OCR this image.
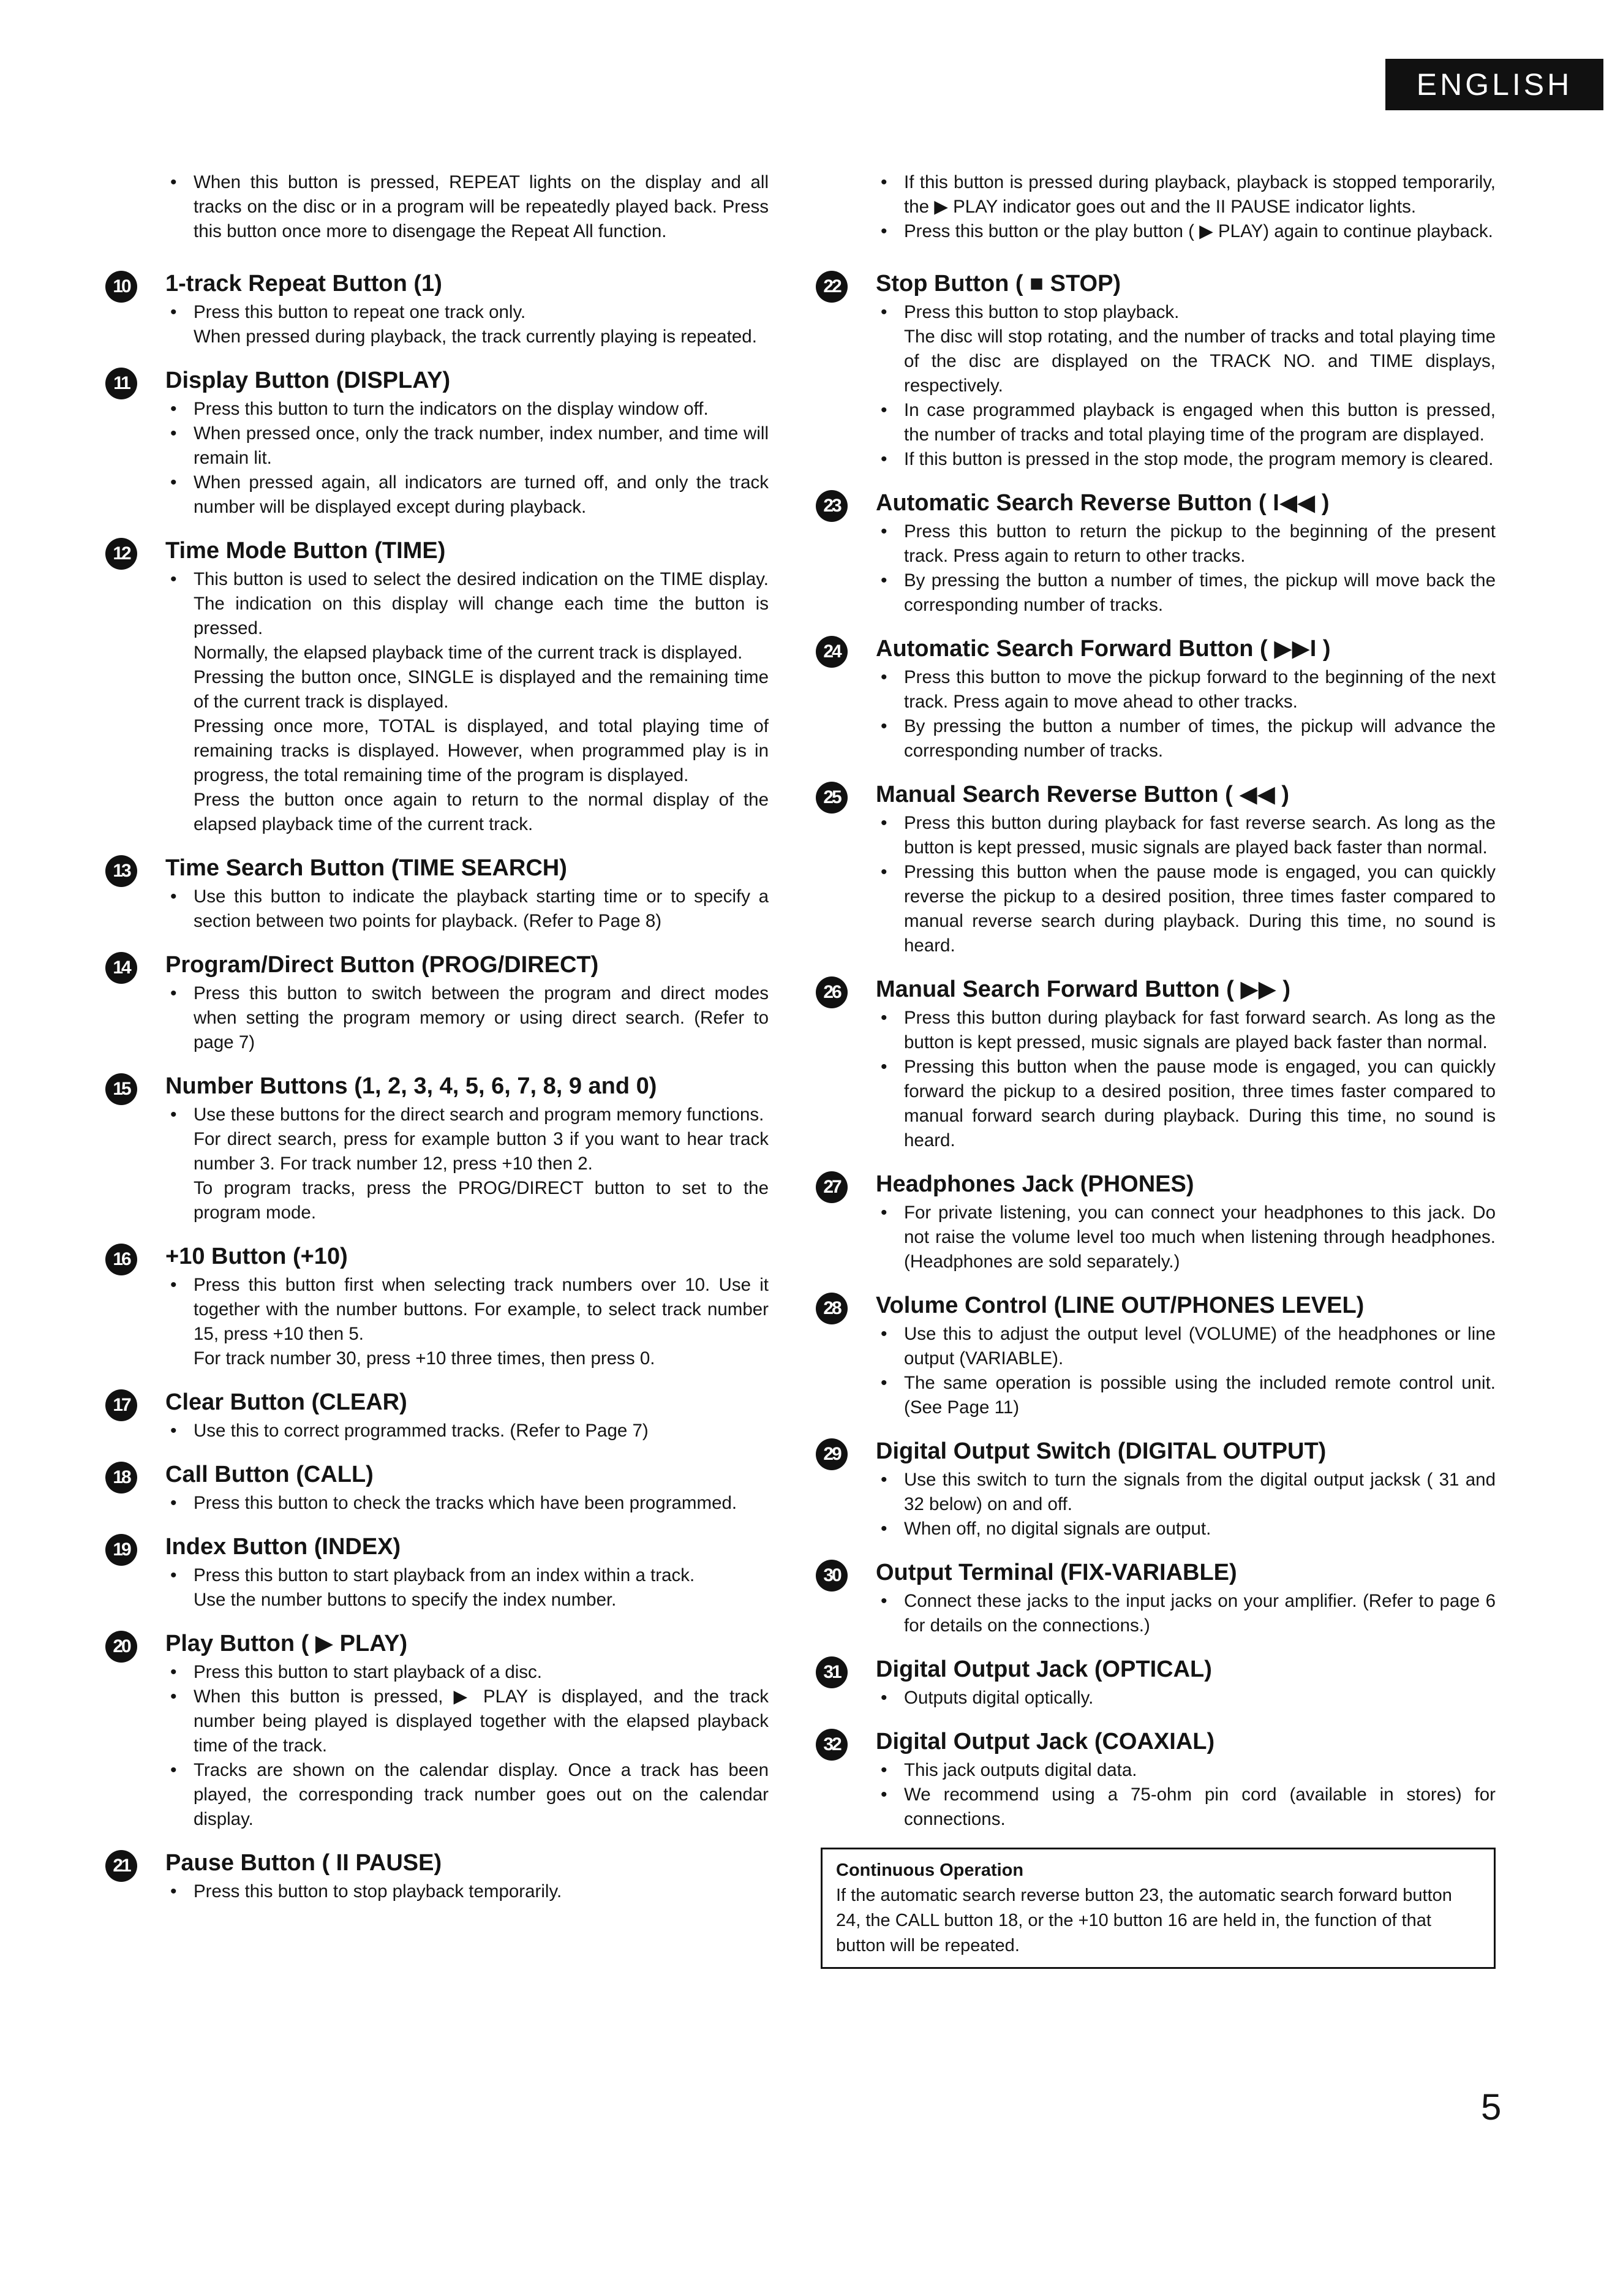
ENGLISH
• When this button is pressed, REPEAT lights on the display and all tracks on the disc or in a program will be repeatedly played back. Press this button once more to disengage the Repeat All function.
10	1-track Repeat Button (1)
• Press this button to repeat one track only.
When pressed during playback, the track currently playing is repeated.
11	Display Button (DISPLAY)
• Press this button to turn the indicators on the display window off.
• When pressed once, only the track number, index number, and time will remain lit.
• When pressed again, all indicators are turned off, and only the track number will be displayed except during playback.
12	Time Mode Button (TIME)
• This button is used to select the desired indication on the TIME display. The indication on this display will change each time the button is pressed.
Normally, the elapsed playback time of the current track is displayed.
Pressing the button once, SINGLE is displayed and the remaining time of the current track is displayed.
Pressing once more, TOTAL is displayed, and total playing time of remaining tracks is displayed. However, when programmed play is in progress, the total remaining time of the program is displayed.
Press the button once again to return to the normal display of the elapsed playback time of the current track.
13	Time Search Button (TIME SEARCH)
• Use this button to indicate the playback starting time or to specify a section between two points for playback. (Refer to Page 8)
14	Program/Direct Button (PROG/DIRECT)
• Press this button to switch between the program and direct modes when setting the program memory or using direct search. (Refer to page 7)
15	Number Buttons (1, 2, 3, 4, 5, 6, 7, 8, 9 and 0)
• Use these buttons for the direct search and program memory functions.
For direct search, press for example button 3 if you want to hear track number 3. For track number 12, press +10 then 2.
To program tracks, press the PROG/DIRECT button to set to the program mode.
16	+10 Button (+10)
• Press this button first when selecting track numbers over 10. Use it together with the number buttons. For example, to select track number 15, press +10 then 5.
For track number 30, press +10 three times, then press 0.
17	Clear Button (CLEAR)
• Use this to correct programmed tracks. (Refer to Page 7)
18	Call Button (CALL)
• Press this button to check the tracks which have been programmed.
19	Index Button (INDEX)
• Press this button to start playback from an index within a track.
Use the number buttons to specify the index number.
20	Play Button ( ▶ PLAY)
• Press this button to start playback of a disc.
• When this button is pressed, ▶ PLAY is displayed, and the track number being played is displayed together with the elapsed playback time of the track.
• Tracks are shown on the calendar display. Once a track has been played, the corresponding track number goes out on the calendar display.
21	Pause Button ( II PAUSE)
• Press this button to stop playback temporarily.
• If this button is pressed during playback, playback is stopped temporarily, the ▶ PLAY indicator goes out and the II PAUSE indicator lights.
• Press this button or the play button ( ▶ PLAY) again to continue playback.
22	Stop Button ( ■ STOP)
• Press this button to stop playback.
The disc will stop rotating, and the number of tracks and total playing time of the disc are displayed on the TRACK NO. and TIME displays, respectively.
• In case programmed playback is engaged when this button is pressed, the number of tracks and total playing time of the program are displayed.
• If this button is pressed in the stop mode, the program memory is cleared.
23	Automatic Search Reverse Button ( I◀◀ )
• Press this button to return the pickup to the beginning of the present track. Press again to return to other tracks.
• By pressing the button a number of times, the pickup will move back the corresponding number of tracks.
24	Automatic Search Forward Button ( ▶▶I )
• Press this button to move the pickup forward to the beginning of the next track. Press again to move ahead to other tracks.
• By pressing the button a number of times, the pickup will advance the corresponding number of tracks.
25	Manual Search Reverse Button ( ◀◀ )
• Press this button during playback for fast reverse search. As long as the button is kept pressed, music signals are played back faster than normal.
• Pressing this button when the pause mode is engaged, you can quickly reverse the pickup to a desired position, three times faster compared to manual reverse search during playback. During this time, no sound is heard.
26	Manual Search Forward Button ( ▶▶ )
• Press this button during playback for fast forward search. As long as the button is kept pressed, music signals are played back faster than normal.
• Pressing this button when the pause mode is engaged, you can quickly forward the pickup to a desired position, three times faster compared to manual forward search during playback. During this time, no sound is heard.
27	Headphones Jack (PHONES)
• For private listening, you can connect your headphones to this jack. Do not raise the volume level too much when listening through headphones. (Headphones are sold separately.)
28	Volume Control (LINE OUT/PHONES LEVEL)
• Use this to adjust the output level (VOLUME) of the headphones or line output (VARIABLE).
• The same operation is possible using the included remote control unit. (See Page 11)
29	Digital Output Switch (DIGITAL OUTPUT)
• Use this switch to turn the signals from the digital output jacksk ( 31 and 32 below) on and off.
• When off, no digital signals are output.
30	Output Terminal (FIX-VARIABLE)
• Connect these jacks to the input jacks on your amplifier. (Refer to page 6 for details on the connections.)
31	Digital Output Jack (OPTICAL)
• Outputs digital optically.
32	Digital Output Jack (COAXIAL)
• This jack outputs digital data.
• We recommend using a 75-ohm pin cord (available in stores) for connections.
Continuous Operation
If the automatic search reverse button 23, the automatic search forward button 24, the CALL button 18, or the +10 button 16 are held in, the function of that button will be repeated.
5
